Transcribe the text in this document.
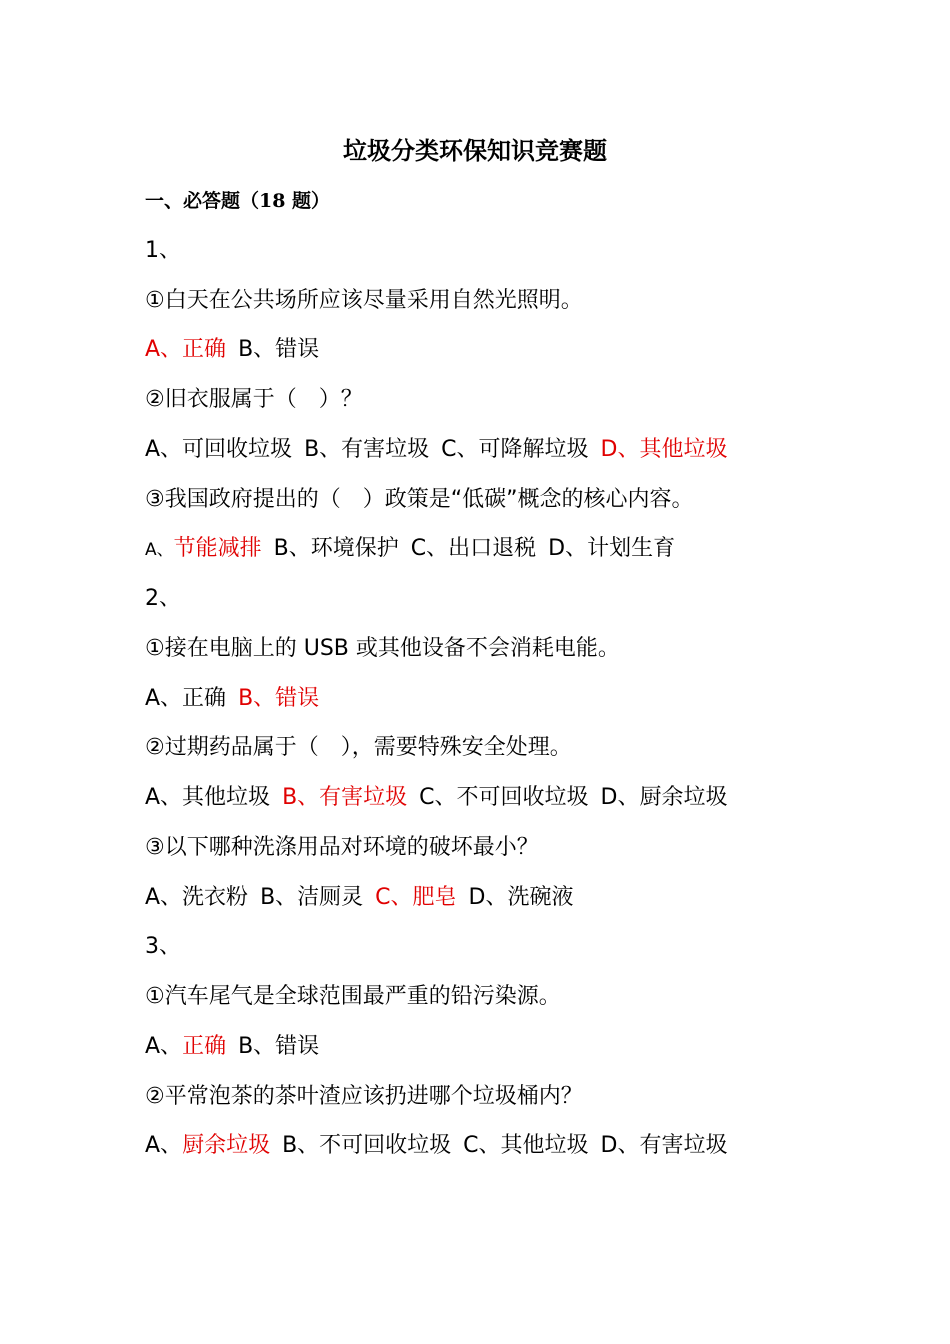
垃圾分类环保知识竞赛题
一、必答题（18 题）
1、
①白天在公共场所应该尽量采用自然光照明。
A、正确 B、错误
②旧衣服属于（　）？
A、可回收垃圾 B、有害垃圾 C、可降解垃圾 D、其他垃圾
③我国政府提出的（　）政策是“低碳”概念的核心内容。
A、节能减排 B、环境保护 C、出口退税 D、计划生育
2、
①接在电脑上的 USB 或其他设备不会消耗电能。
A、正确 B、错误
②过期药品属于（　），需要特殊安全处理。
A、其他垃圾 B、有害垃圾 C、不可回收垃圾 D、厨余垃圾
③以下哪种洗涤用品对环境的破坏最小？
A、洗衣粉 B、洁厕灵 C、肥皂 D、洗碗液
3、
①汽车尾气是全球范围最严重的铅污染源。
A、正确 B、错误
②平常泡茶的茶叶渣应该扔进哪个垃圾桶内？
A、厨余垃圾 B、不可回收垃圾 C、其他垃圾 D、有害垃圾
